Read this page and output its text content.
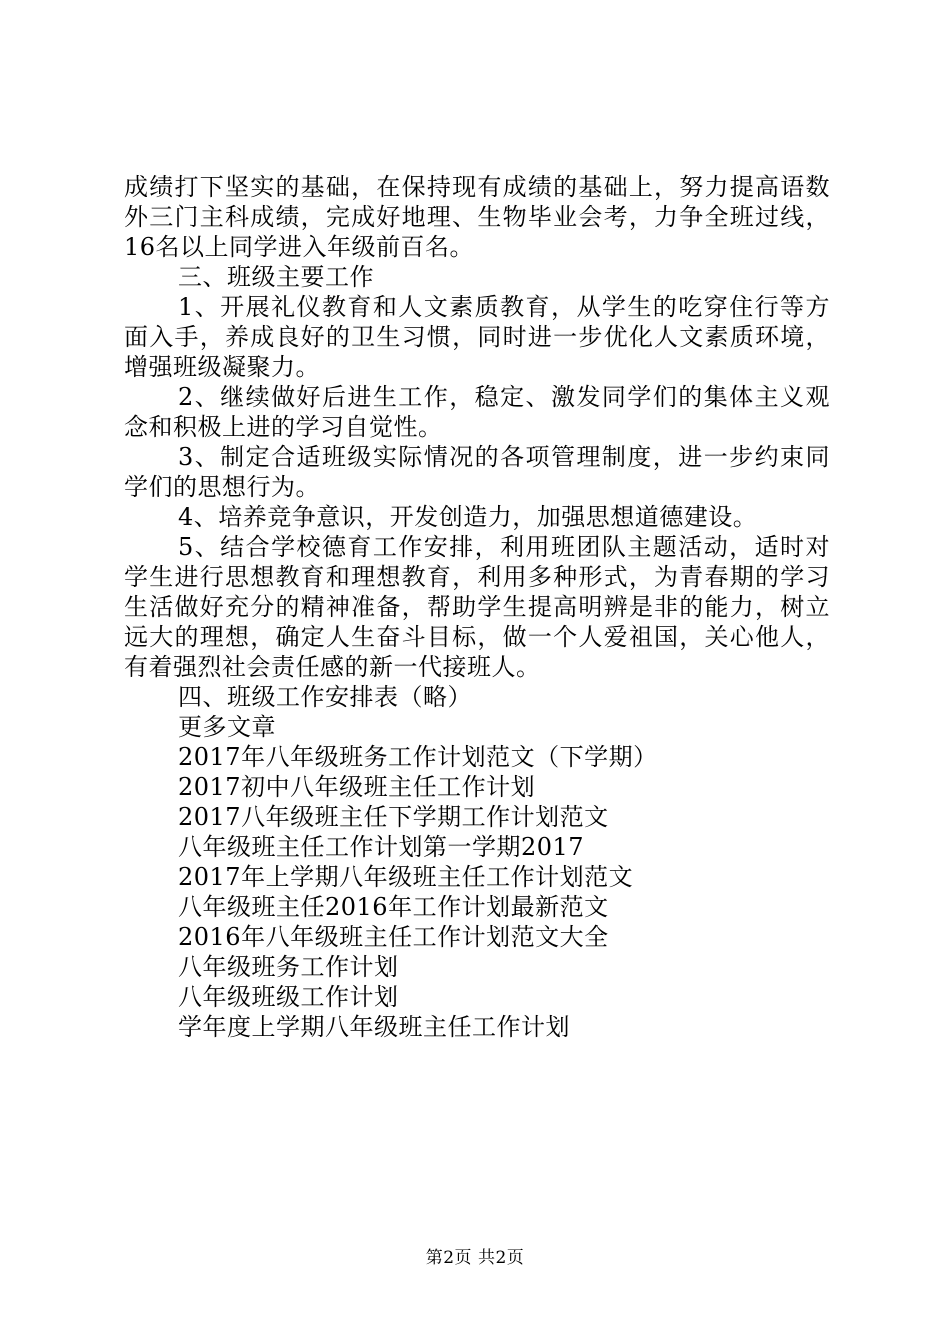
成绩打下坚实的基础，在保持现有成绩的基础上，努力提高语数外三门主科成绩，完成好地理、生物毕业会考，力争全班过线，16名以上同学进入年级前百名。

三、班级主要工作

1、开展礼仪教育和人文素质教育，从学生的吃穿住行等方面入手，养成良好的卫生习惯，同时进一步优化人文素质环境，增强班级凝聚力。

2、继续做好后进生工作，稳定、激发同学们的集体主义观念和积极上进的学习自觉性。

3、制定合适班级实际情况的各项管理制度，进一步约束同学们的思想行为。

4、培养竞争意识，开发创造力，加强思想道德建设。

5、结合学校德育工作安排，利用班团队主题活动，适时对学生进行思想教育和理想教育，利用多种形式，为青春期的学习生活做好充分的精神准备，帮助学生提高明辨是非的能力，树立远大的理想，确定人生奋斗目标，做一个人爱祖国，关心他人，有着强烈社会责任感的新一代接班人。

四、班级工作安排表（略）

更多文章

2017年八年级班务工作计划范文（下学期）
2017初中八年级班主任工作计划
2017八年级班主任下学期工作计划范文
八年级班主任工作计划第一学期2017
2017年上学期八年级班主任工作计划范文
八年级班主任2016年工作计划最新范文
2016年八年级班主任工作计划范文大全
八年级班务工作计划
八年级班级工作计划
学年度上学期八年级班主任工作计划
第2页 共2页
